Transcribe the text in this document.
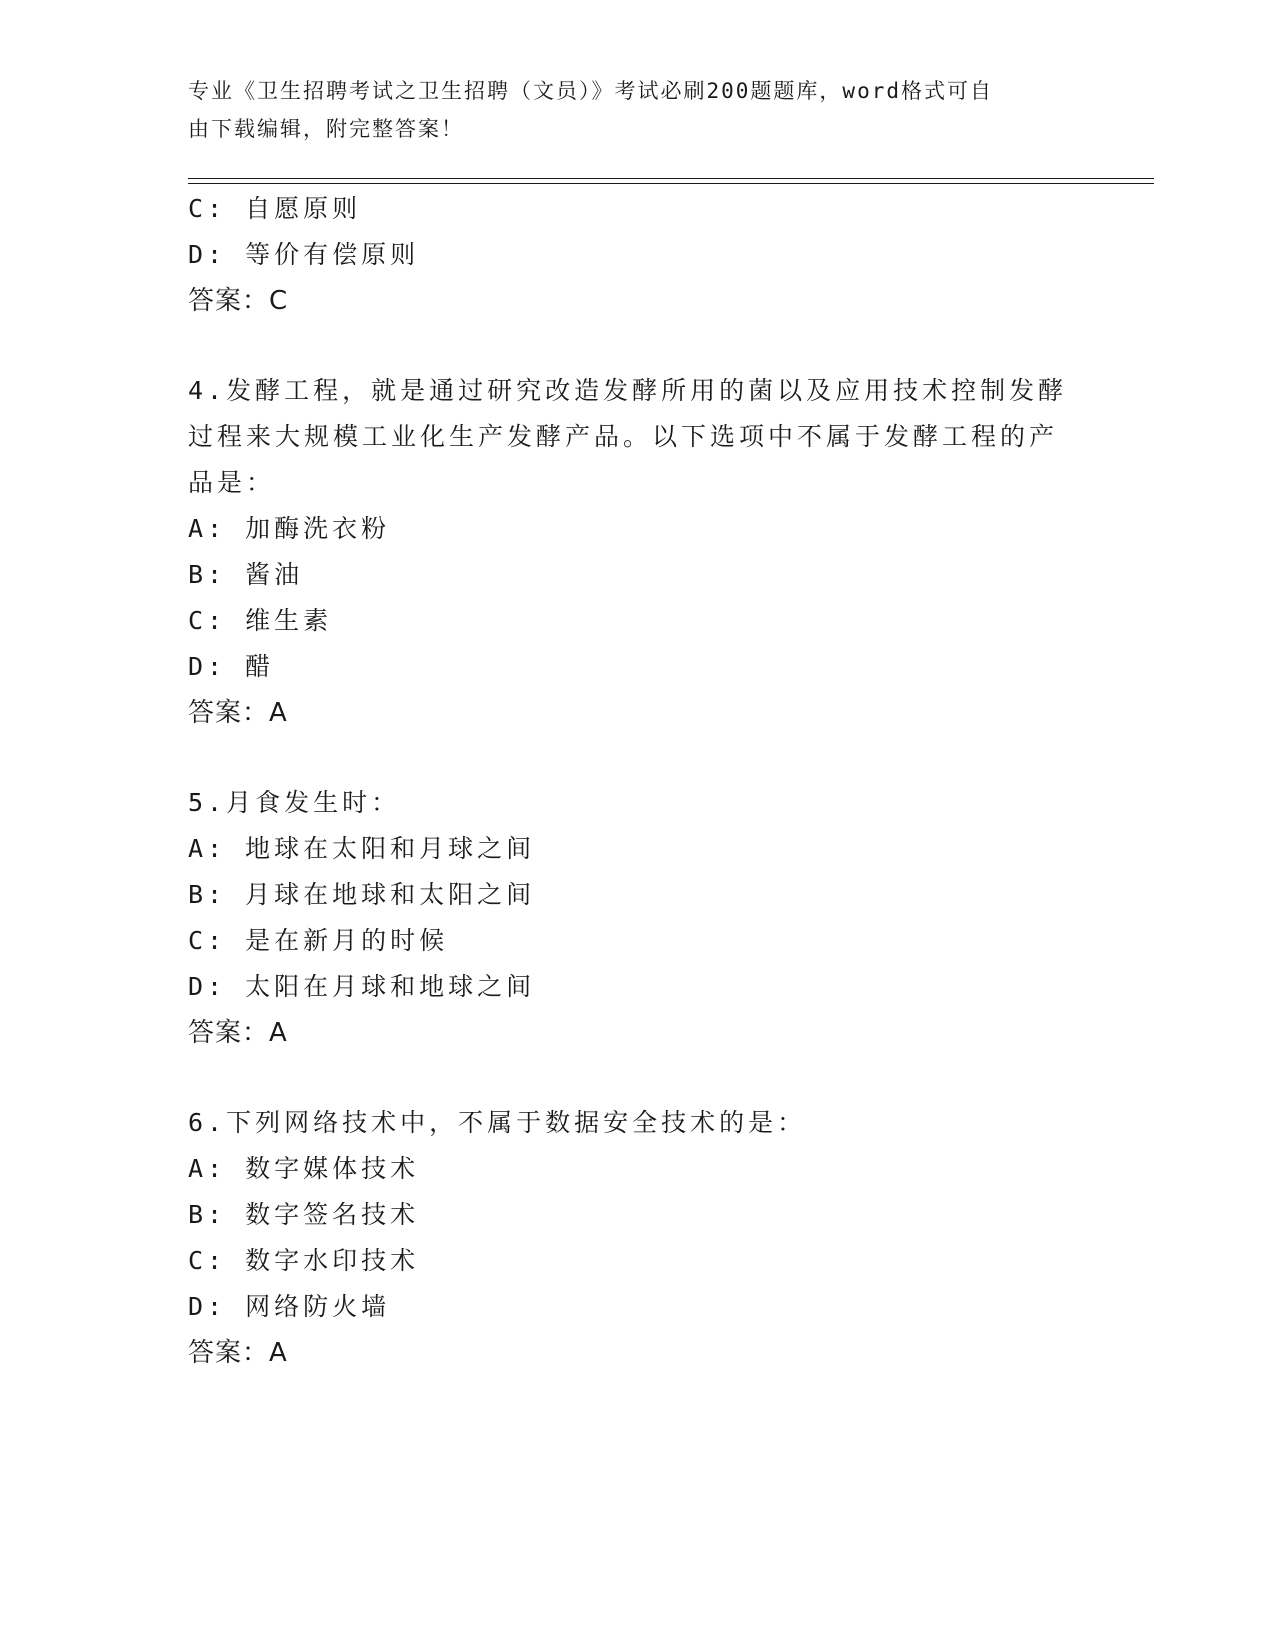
专业《卫生招聘考试之卫生招聘（文员）》考试必刷200题题库，word格式可自
由下载编辑，附完整答案！
C: 自愿原则
D: 等价有偿原则
答案：C
4.发酵工程，就是通过研究改造发酵所用的菌以及应用技术控制发酵
过程来大规模工业化生产发酵产品。以下选项中不属于发酵工程的产
品是：
A: 加酶洗衣粉
B: 酱油
C: 维生素
D: 醋
答案：A
5.月食发生时：
A: 地球在太阳和月球之间
B: 月球在地球和太阳之间
C: 是在新月的时候
D: 太阳在月球和地球之间
答案：A
6.下列网络技术中，不属于数据安全技术的是：
A: 数字媒体技术
B: 数字签名技术
C: 数字水印技术
D: 网络防火墙
答案：A
